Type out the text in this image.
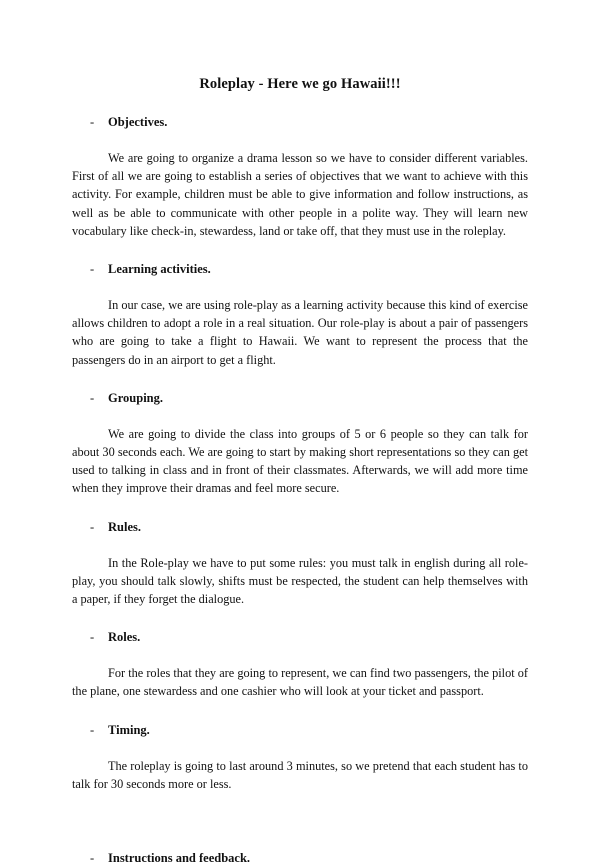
Roleplay - Here we go Hawaii!!!
-	Objectives.

We are going to organize a drama lesson so we have to consider different variables. First of all we are going to establish a series of objectives that we want to achieve with this activity. For example, children must be able to give information and follow instructions, as well as be able to communicate with other people in a polite way. They will learn new vocabulary like check-in, stewardess, land or take off, that they must use in the roleplay.

-	Learning activities.

In our case, we are using role-play as a learning activity because this kind of exercise allows children to adopt a role in a real situation. Our role-play is about a pair of passengers who are going to take a flight to Hawaii. We want to represent the process that the passengers do in an airport to get a flight.

-	Grouping.

We are going to divide the class into groups of 5 or 6 people so they can talk for about 30 seconds each. We are going to start by making short representations so they can get used to talking in class and in front of their classmates. Afterwards, we will add more time when they improve their dramas and feel more secure.

-	Rules.

In the Role-play we have to put some rules: you must talk in english during all role-play, you should talk slowly, shifts must be respected, the student can help themselves with a paper, if they forget the dialogue.

-	Roles.

For the roles that they are going to represent, we can find two passengers, the pilot of the plane, one stewardess and one cashier who will look at your ticket and passport.

-	Timing.

The roleplay is going to last around 3 minutes, so we pretend that each student has to talk for 30 seconds more or less.

-	Instructions and feedback.
